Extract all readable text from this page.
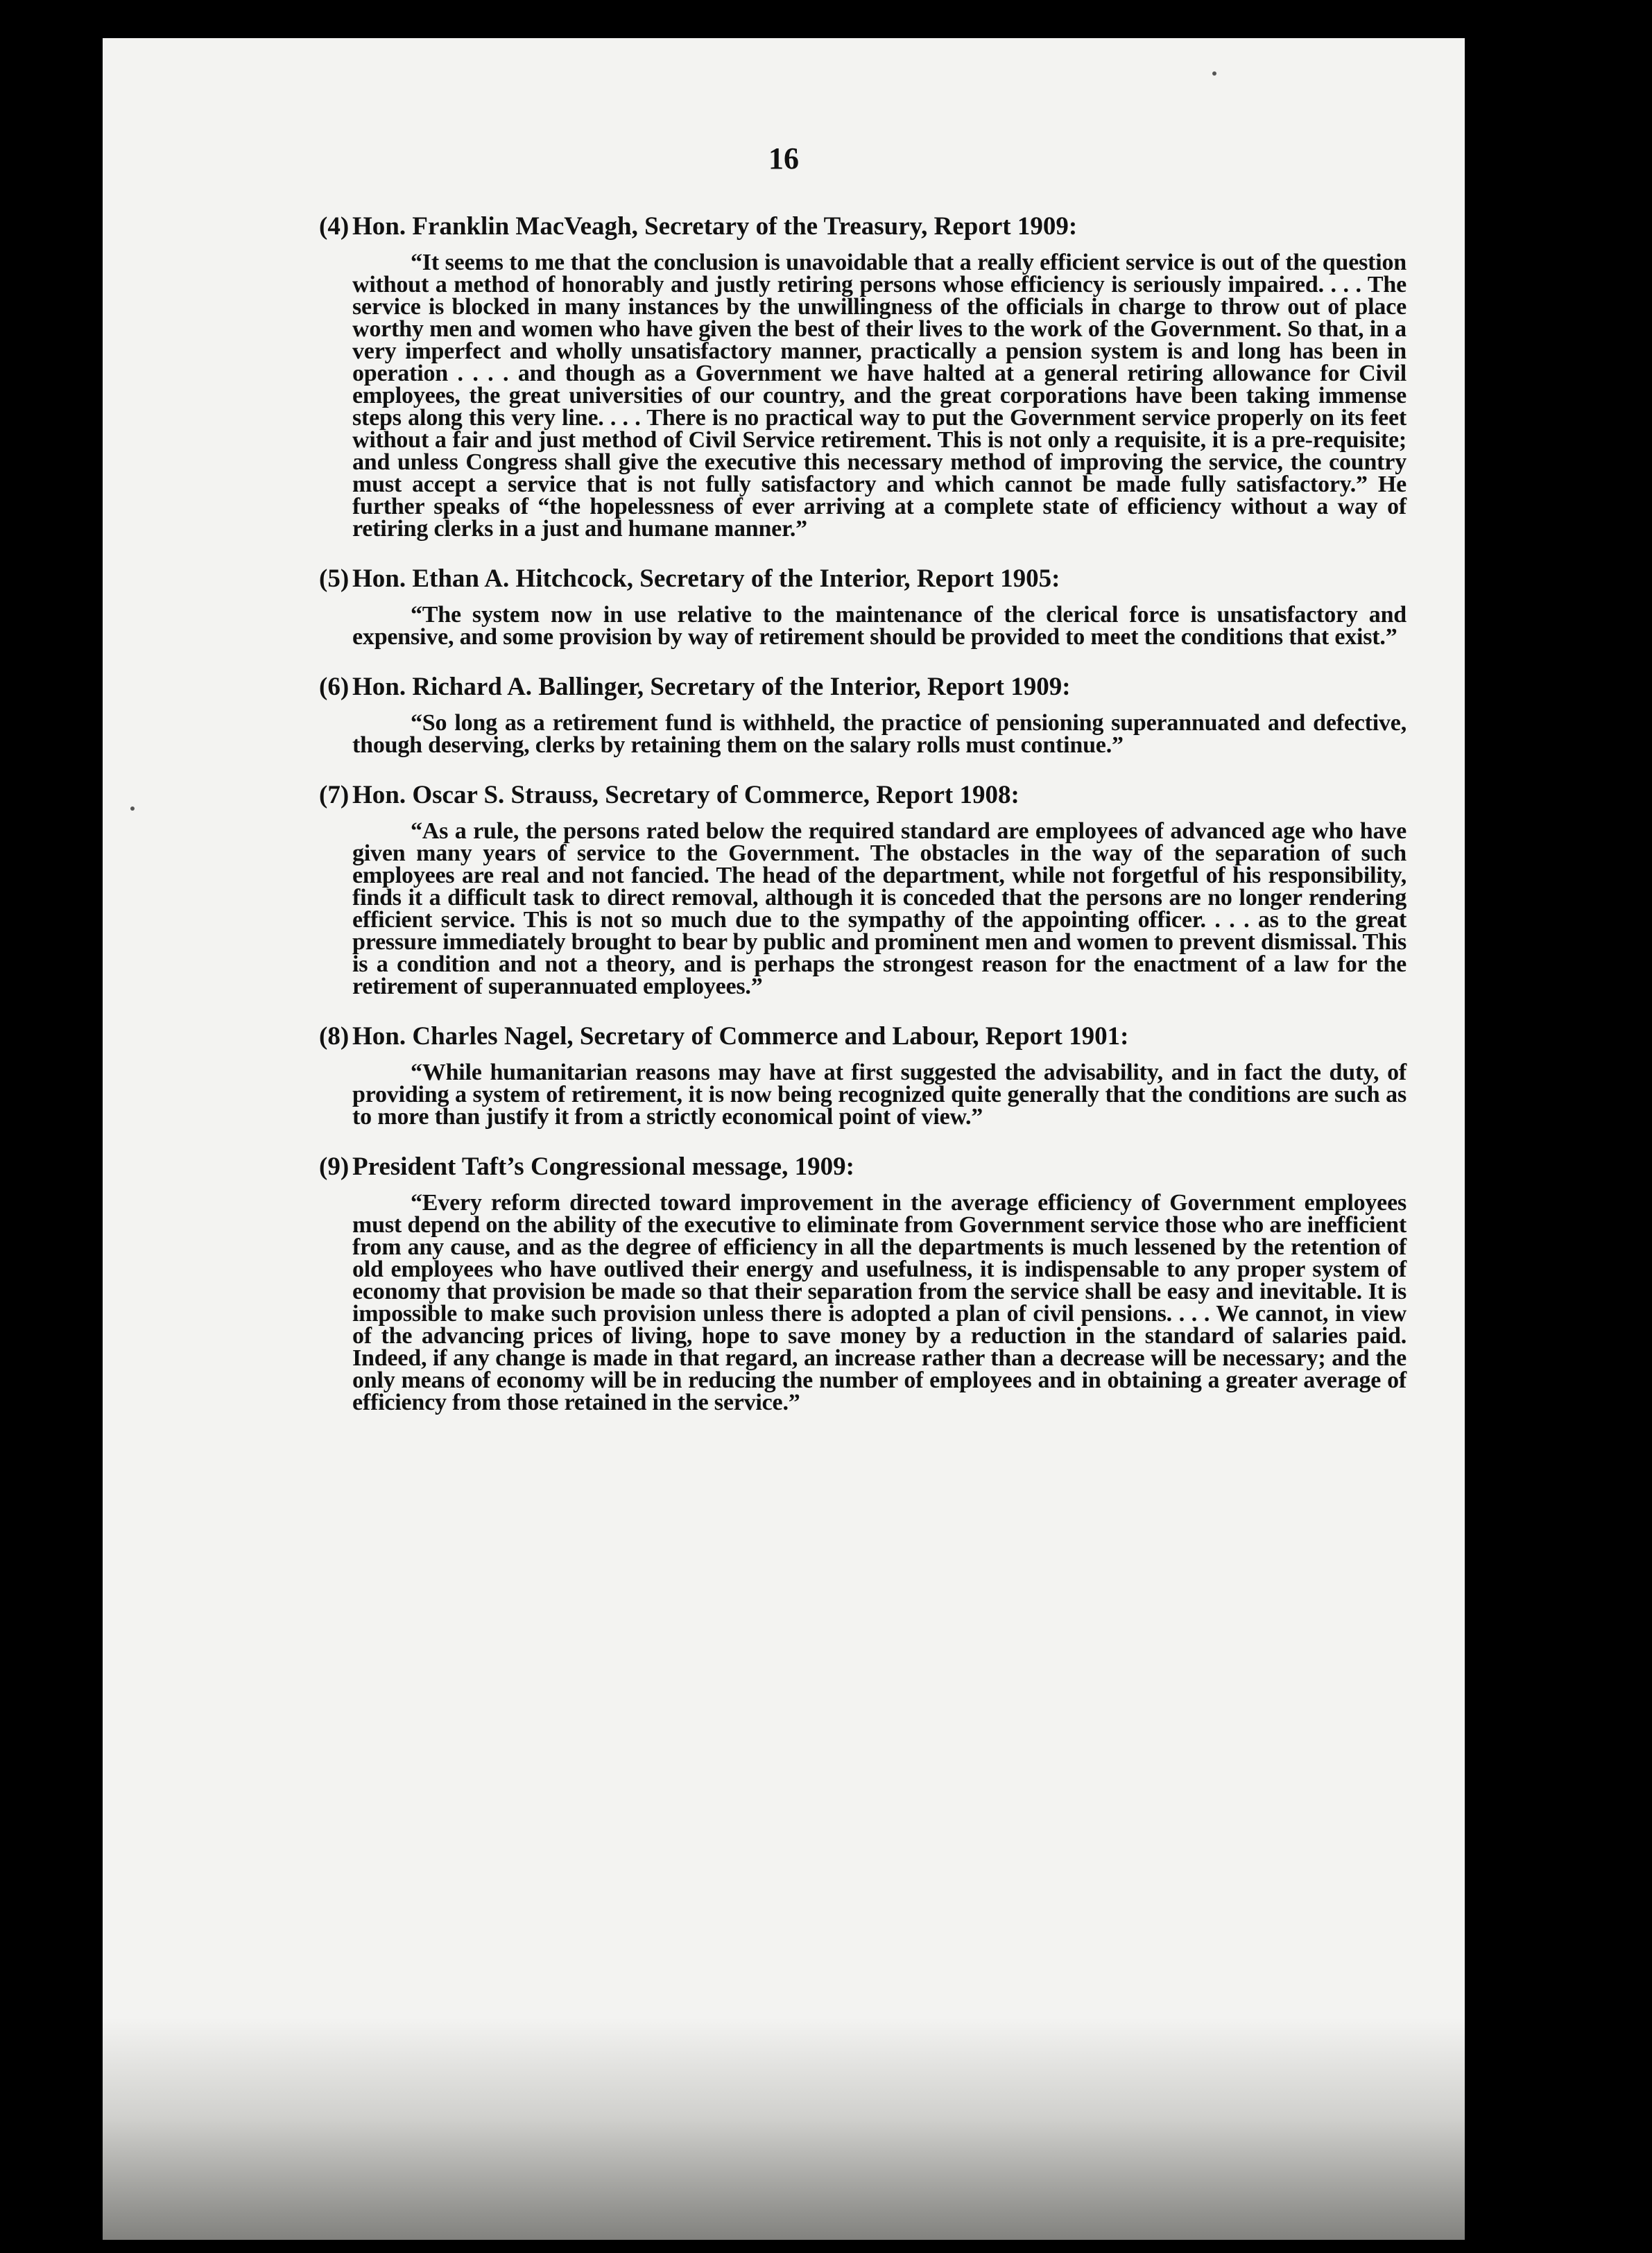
16
(4) Hon. Franklin MacVeagh, Secretary of the Treasury, Report 1909:

“It seems to me that the conclusion is unavoidable that a really efficient service is out of the question without a method of honorably and justly retiring persons whose efficiency is seriously impaired. . . . The service is blocked in many instances by the unwillingness of the officials in charge to throw out of place worthy men and women who have given the best of their lives to the work of the Government. So that, in a very imperfect and wholly unsatisfactory manner, practically a pension system is and long has been in operation . . . . and though as a Government we have halted at a general retiring allowance for Civil employees, the great universities of our country, and the great corporations have been taking immense steps along this very line. . . . There is no practical way to put the Government service properly on its feet without a fair and just method of Civil Service retirement. This is not only a requisite, it is a pre-requisite; and unless Congress shall give the executive this necessary method of improving the service, the country must accept a service that is not fully satisfactory and which cannot be made fully satisfactory.” He further speaks of “the hopelessness of ever arriving at a complete state of efficiency without a way of retiring clerks in a just and humane manner.”

(5) Hon. Ethan A. Hitchcock, Secretary of the Interior, Report 1905:

“The system now in use relative to the maintenance of the clerical force is unsatisfactory and expensive, and some provision by way of retirement should be provided to meet the conditions that exist.”

(6) Hon. Richard A. Ballinger, Secretary of the Interior, Report 1909:

“So long as a retirement fund is withheld, the practice of pensioning superannuated and defective, though deserving, clerks by retaining them on the salary rolls must continue.”

(7) Hon. Oscar S. Strauss, Secretary of Commerce, Report 1908:

“As a rule, the persons rated below the required standard are employees of advanced age who have given many years of service to the Government. The obstacles in the way of the separation of such employees are real and not fancied. The head of the department, while not forgetful of his responsibility, finds it a difficult task to direct removal, although it is conceded that the persons are no longer rendering efficient service. This is not so much due to the sympathy of the appointing officer. . . . as to the great pressure immediately brought to bear by public and prominent men and women to prevent dismissal. This is a condition and not a theory, and is perhaps the strongest reason for the enactment of a law for the retirement of superannuated employees.”

(8) Hon. Charles Nagel, Secretary of Commerce and Labour, Report 1901:

“While humanitarian reasons may have at first suggested the advisability, and in fact the duty, of providing a system of retirement, it is now being recognized quite generally that the conditions are such as to more than justify it from a strictly economical point of view.”

(9) President Taft’s Congressional message, 1909:

“Every reform directed toward improvement in the average efficiency of Government employees must depend on the ability of the executive to eliminate from Government service those who are inefficient from any cause, and as the degree of efficiency in all the departments is much lessened by the retention of old employees who have outlived their energy and usefulness, it is indispensable to any proper system of economy that provision be made so that their separation from the service shall be easy and inevitable. It is impossible to make such provision unless there is adopted a plan of civil pensions. . . . We cannot, in view of the advancing prices of living, hope to save money by a reduction in the standard of salaries paid. Indeed, if any change is made in that regard, an increase rather than a decrease will be necessary; and the only means of economy will be in reducing the number of employees and in obtaining a greater average of efficiency from those retained in the service.”
